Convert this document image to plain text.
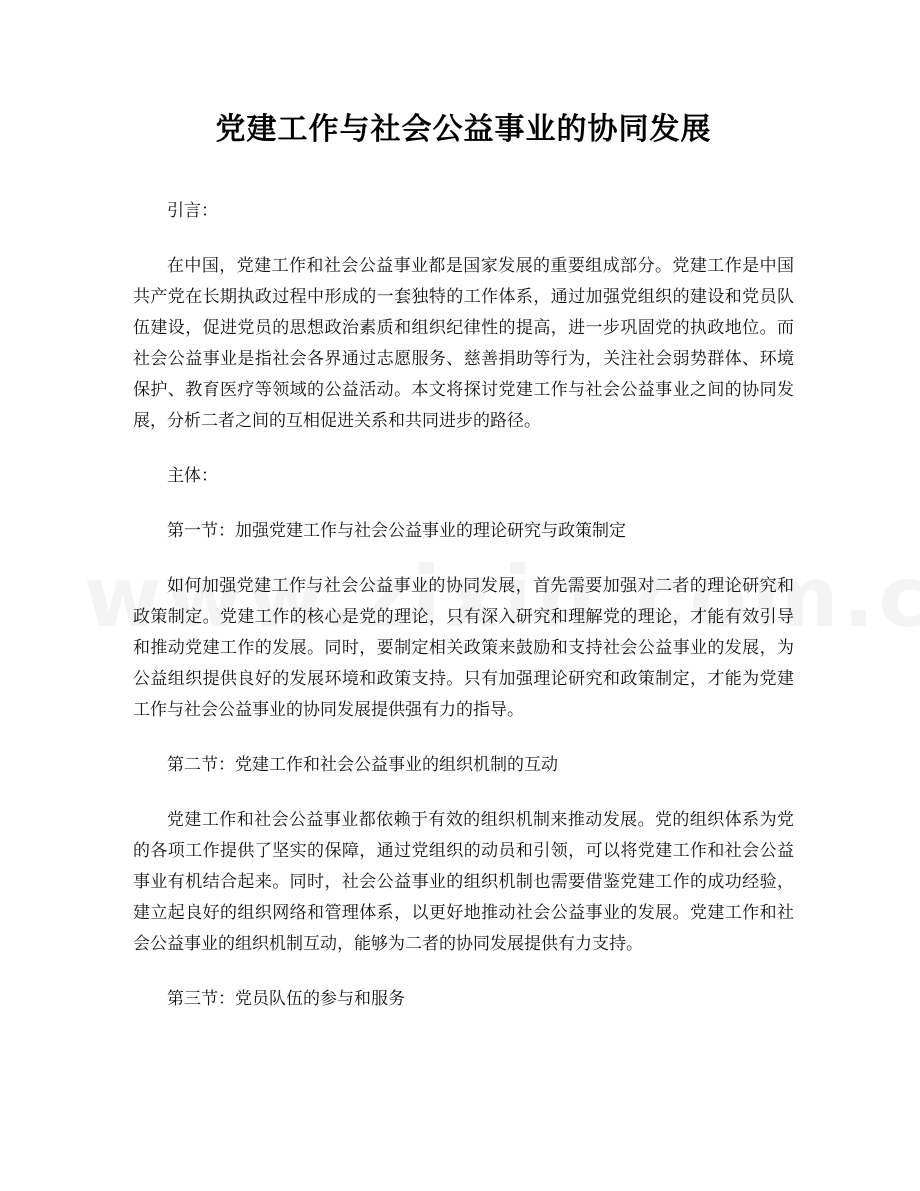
党建工作与社会公益事业的协同发展

引言：

在中国，党建工作和社会公益事业都是国家发展的重要组成部分。党建工作是中国共产党在长期执政过程中形成的一套独特的工作体系，通过加强党组织的建设和党员队伍建设，促进党员的思想政治素质和组织纪律性的提高，进一步巩固党的执政地位。而社会公益事业是指社会各界通过志愿服务、慈善捐助等行为，关注社会弱势群体、环境保护、教育医疗等领域的公益活动。本文将探讨党建工作与社会公益事业之间的协同发展，分析二者之间的互相促进关系和共同进步的路径。

主体：

第一节：加强党建工作与社会公益事业的理论研究与政策制定

如何加强党建工作与社会公益事业的协同发展，首先需要加强对二者的理论研究和政策制定。党建工作的核心是党的理论，只有深入研究和理解党的理论，才能有效引导和推动党建工作的发展。同时，要制定相关政策来鼓励和支持社会公益事业的发展，为公益组织提供良好的发展环境和政策支持。只有加强理论研究和政策制定，才能为党建工作与社会公益事业的协同发展提供强有力的指导。

第二节：党建工作和社会公益事业的组织机制的互动

党建工作和社会公益事业都依赖于有效的组织机制来推动发展。党的组织体系为党的各项工作提供了坚实的保障，通过党组织的动员和引领，可以将党建工作和社会公益事业有机结合起来。同时，社会公益事业的组织机制也需要借鉴党建工作的成功经验，建立起良好的组织网络和管理体系，以更好地推动社会公益事业的发展。党建工作和社会公益事业的组织机制互动，能够为二者的协同发展提供有力支持。

第三节：党员队伍的参与和服务
